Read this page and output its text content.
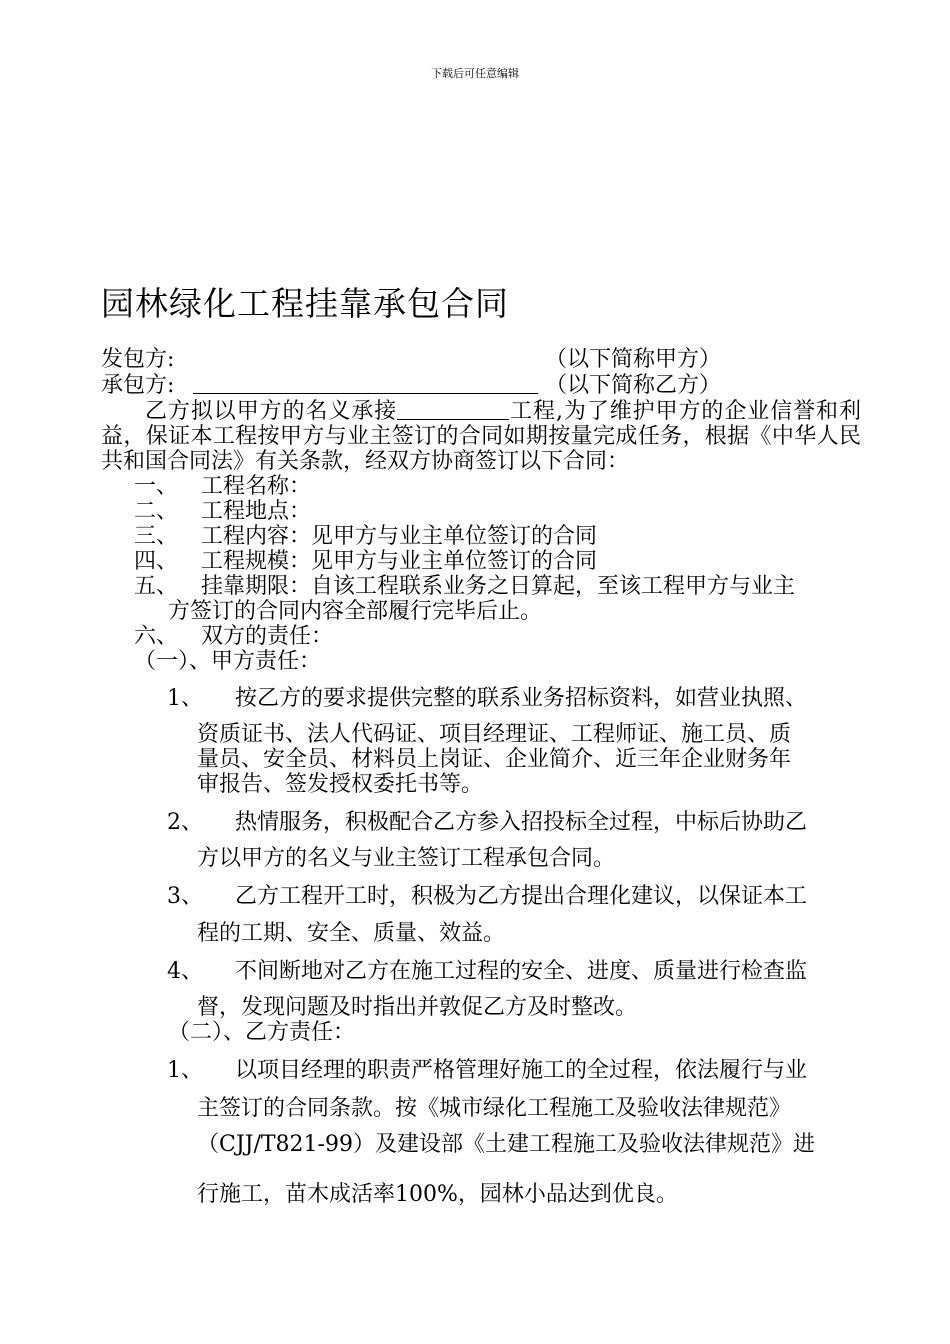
下载后可任意编辑
园林绿化工程挂靠承包合同
发包方:	（以下简称甲方）
承包方:	（以下简称乙方）
乙方拟以甲方的名义承接	工程,为了维护甲方的企业信誉和利益，保证本工程按甲方与业主签订的合同如期按量完成任务，根据《中华人民共和国合同法》有关条款，经双方协商签订以下合同：
一、 工程名称：
二、 工程地点：
三、 工程内容：见甲方与业主单位签订的合同
四、 工程规模：见甲方与业主单位签订的合同
五、 挂靠期限：自该工程联系业务之日算起，至该工程甲方与业主
方签订的合同内容全部履行完毕后止。
六、 双方的责任：
（一）、甲方责任：
1、 按乙方的要求提供完整的联系业务招标资料，如营业执照、
资质证书、法人代码证、项目经理证、工程师证、施工员、质
量员、安全员、材料员上岗证、企业简介、近三年企业财务年
审报告、签发授权委托书等。
2、 热情服务，积极配合乙方参入招投标全过程，中标后协助乙
方以甲方的名义与业主签订工程承包合同。
3、 乙方工程开工时，积极为乙方提出合理化建议，以保证本工
程的工期、安全、质量、效益。
4、 不间断地对乙方在施工过程的安全、进度、质量进行检查监
督，发现问题及时指出并敦促乙方及时整改。
（二）、乙方责任：
1、 以项目经理的职责严格管理好施工的全过程，依法履行与业
主签订的合同条款。按《城市绿化工程施工及验收法律规范》
（CJJ/T821-99）及建设部《土建工程施工及验收法律规范》进
行施工，苗木成活率100%，园林小品达到优良。
